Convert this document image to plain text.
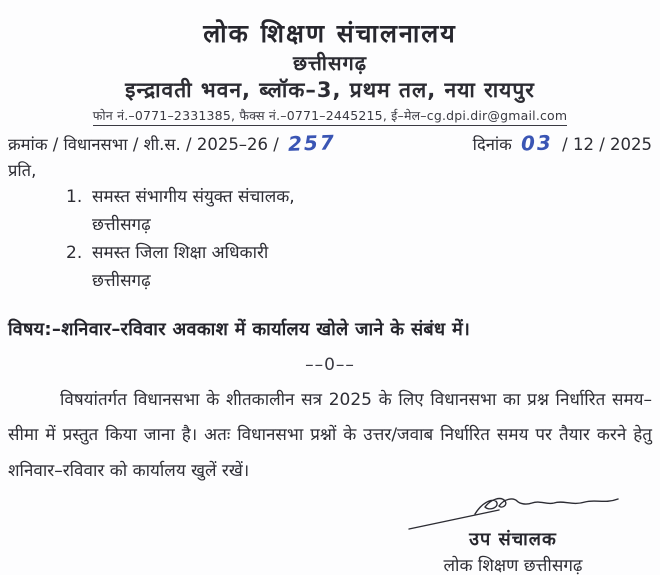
लोक शिक्षण संचालनालय
छत्तीसगढ़
इन्द्रावती भवन, ब्लॉक–3, प्रथम तल, नया रायपुर
फोन नं.–0771–2331385, फैक्स नं.–0771–2445215, ई–मेल–cg.dpi.dir@gmail.com
क्रमांक / विधानसभा / शी.स. / 2025–26 / 257	दिनांक 03 / 12 / 2025
प्रति,
1. समस्त संभागीय संयुक्त संचालक,
छत्तीसगढ़
2. समस्त जिला शिक्षा अधिकारी
छत्तीसगढ़
विषय:–शनिवार–रविवार अवकाश में कार्यालय खोले जाने के संबंध में।
––0––
विषयांतर्गत विधानसभा के शीतकालीन सत्र 2025 के लिए विधानसभा का प्रश्न निर्धारित समय–सीमा में प्रस्तुत किया जाना है। अतः विधानसभा प्रश्नों के उत्तर/जवाब निर्धारित समय पर तैयार करने हेतु शनिवार–रविवार को कार्यालय खुलें रखें।
उप संचालक
लोक शिक्षण छत्तीसगढ़
